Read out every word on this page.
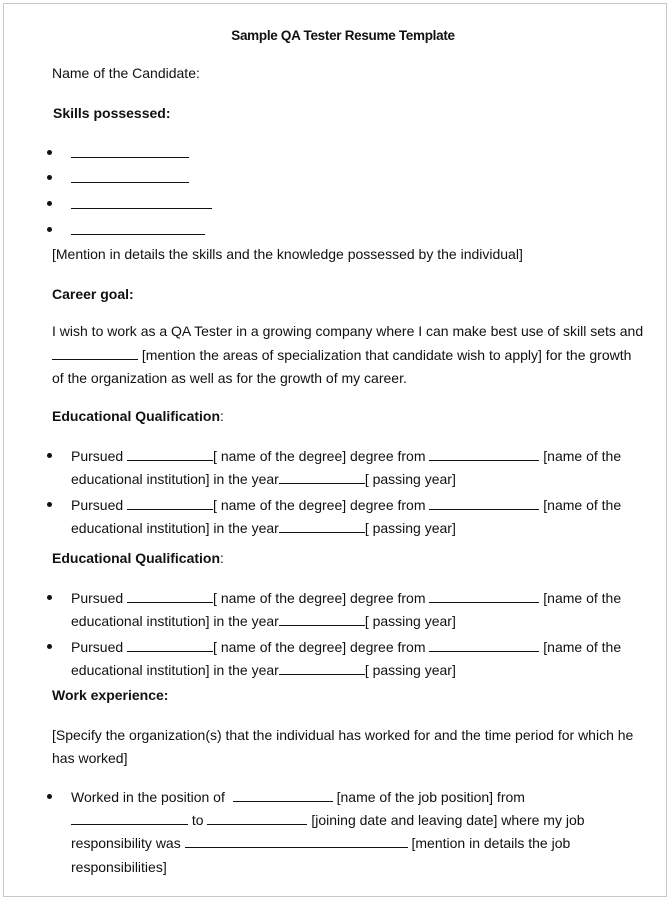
Sample QA Tester Resume Template
Name of the Candidate:
Skills possessed:
[Mention in details the skills and the knowledge possessed by the individual]
Career goal:
I wish to work as a QA Tester in a growing company where I can make best use of skill sets and
[mention the areas of specialization that candidate wish to apply] for the growth
of the organization as well as for the growth of my career.
Educational Qualification:
Pursued	[ name of the degree] degree from	[name of the
educational institution] in the year	[ passing year]
Pursued	[ name of the degree] degree from	[name of the
educational institution] in the year	[ passing year]
Educational Qualification:
Pursued	[ name of the degree] degree from	[name of the
educational institution] in the year	[ passing year]
Pursued	[ name of the degree] degree from	[name of the
educational institution] in the year	[ passing year]
Work experience:
[Specify the organization(s) that the individual has worked for and the time period for which he
has worked]
Worked in the position of	[name of the job position] from
to	[joining date and leaving date] where my job
responsibility was	[mention in details the job
responsibilities]
